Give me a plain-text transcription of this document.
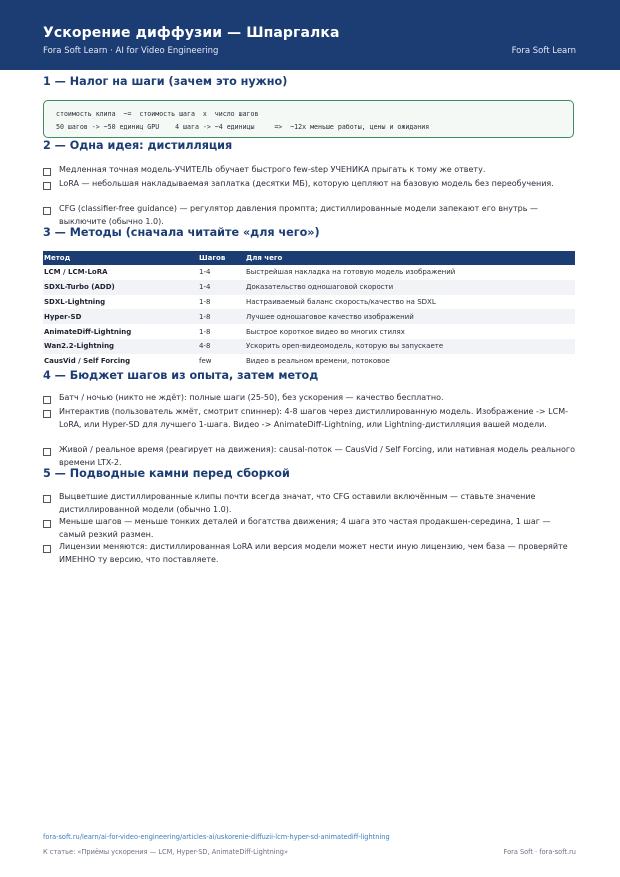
Ускорение диффузии — Шпаргалка
Fora Soft Learn · AI for Video Engineering	Fora Soft Learn
1 — Налог на шаги (зачем это нужно)
стоимость клипа  ~=  стоимость шага  x  число шагов
50 шагов -> ~50 единиц GPU    4 шага -> ~4 единицы     =>  ~12x меньше работы, цены и ожидания
2 — Одна идея: дистилляция
Медленная точная модель-УЧИТЕЛЬ обучает быстрого few-step УЧЕНИКА прыгать к тому же ответу.
LoRA — небольшая накладываемая заплатка (десятки МБ), которую цепляют на базовую модель без переобучения.
CFG (classifier-free guidance) — регулятор давления промпта; дистиллированные модели запекают его внутрь — выключите (обычно 1.0).
3 — Методы (сначала читайте «для чего»)
Метод	Шагов	Для чего
LCM / LCM-LoRA	1-4	Быстрейшая накладка на готовую модель изображений
SDXL-Turbo (ADD)	1-4	Доказательство одношаговой скорости
SDXL-Lightning	1-8	Настраиваемый баланс скорость/качество на SDXL
Hyper-SD	1-8	Лучшее одношаговое качество изображений
AnimateDiff-Lightning	1-8	Быстрое короткое видео во многих стилях
Wan2.2-Lightning	4-8	Ускорить open-видеомодель, которую вы запускаете
CausVid / Self Forcing	few	Видео в реальном времени, потоковое
4 — Бюджет шагов из опыта, затем метод
Батч / ночью (никто не ждёт): полные шаги (25-50), без ускорения — качество бесплатно.
Интерактив (пользователь жмёт, смотрит спиннер): 4-8 шагов через дистиллированную модель. Изображение -> LCM-LoRA, или Hyper-SD для лучшего 1-шага. Видео -> AnimateDiff-Lightning, или Lightning-дистилляция вашей модели.
Живой / реальное время (реагирует на движения): causal-поток — CausVid / Self Forcing, или нативная модель реального времени LTX-2.
5 — Подводные камни перед сборкой
Выцветшие дистиллированные клипы почти всегда значат, что CFG оставили включённым — ставьте значение дистиллированной модели (обычно 1.0).
Меньше шагов — меньше тонких деталей и богатства движения; 4 шага это частая продакшен-середина, 1 шаг — самый резкий размен.
Лицензии меняются: дистиллированная LoRA или версия модели может нести иную лицензию, чем база — проверяйте ИМЕННО ту версию, что поставляете.
fora-soft.ru/learn/ai-for-video-engineering/articles-ai/uskorenie-diffuzii-lcm-hyper-sd-animatediff-lightning
К статье: «Приёмы ускорения — LCM, Hyper-SD, AnimateDiff-Lightning»	Fora Soft · fora-soft.ru
